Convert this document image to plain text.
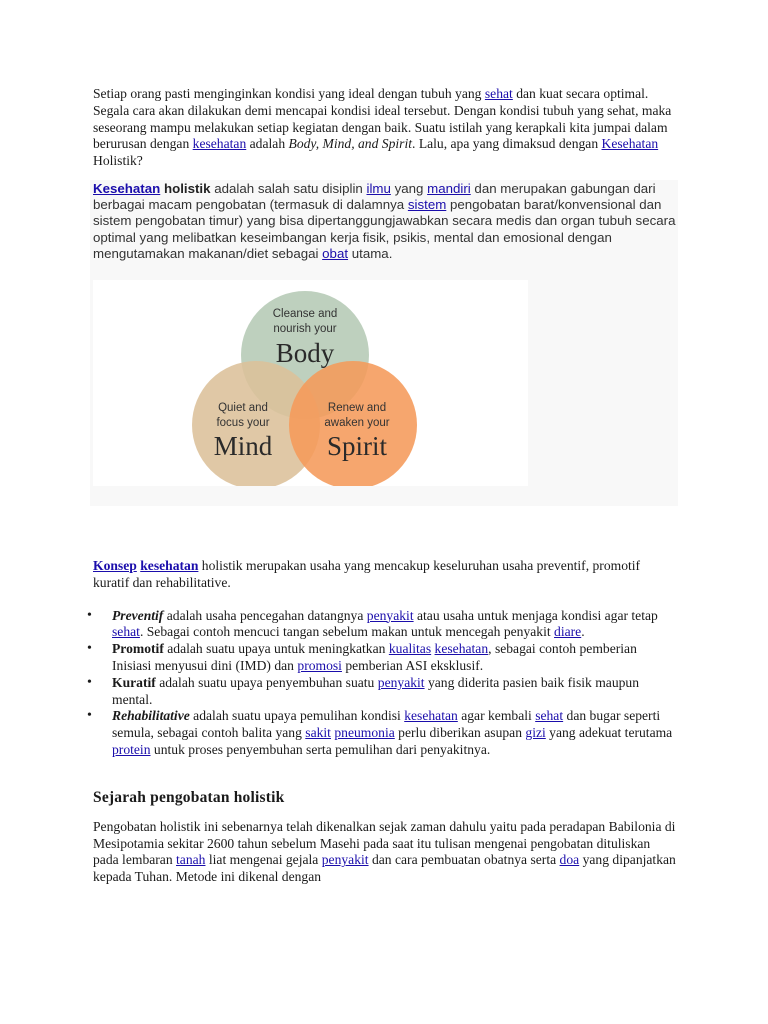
Setiap orang pasti menginginkan kondisi yang ideal dengan tubuh yang sehat dan kuat secara optimal. Segala cara akan dilakukan demi mencapai kondisi ideal tersebut. Dengan kondisi tubuh yang sehat, maka seseorang mampu melakukan setiap kegiatan dengan baik. Suatu istilah yang kerapkali kita jumpai dalam berurusan dengan kesehatan adalah Body, Mind, and Spirit. Lalu, apa yang dimaksud dengan Kesehatan Holistik?

Kesehatan holistik adalah salah satu disiplin ilmu yang mandiri dan merupakan gabungan dari berbagai macam pengobatan (termasuk di dalamnya sistem pengobatan barat/konvensional dan sistem pengobatan timur) yang bisa dipertanggungjawabkan secara medis dan organ tubuh secara optimal yang melibatkan keseimbangan kerja fisik, psikis, mental dan emosional dengan mengutamakan makanan/diet sebagai obat utama.

Cleanse and
nourish your
Body
Quiet and
focus your
Mind
Renew and
awaken your
Spirit

Konsep kesehatan holistik merupakan usaha yang mencakup keseluruhan usaha preventif, promotif kuratif dan rehabilitative.

• Preventif adalah usaha pencegahan datangnya penyakit atau usaha untuk menjaga kondisi agar tetap sehat. Sebagai contoh mencuci tangan sebelum makan untuk mencegah penyakit diare.
• Promotif adalah suatu upaya untuk meningkatkan kualitas kesehatan, sebagai contoh pemberian Inisiasi menyusui dini (IMD) dan promosi pemberian ASI eksklusif.
• Kuratif adalah suatu upaya penyembuhan suatu penyakit yang diderita pasien baik fisik maupun mental.
• Rehabilitative adalah suatu upaya pemulihan kondisi kesehatan agar kembali sehat dan bugar seperti semula, sebagai contoh balita yang sakit pneumonia perlu diberikan asupan gizi yang adekuat terutama protein untuk proses penyembuhan serta pemulihan dari penyakitnya.
Sejarah pengobatan holistik

Pengobatan holistik ini sebenarnya telah dikenalkan sejak zaman dahulu yaitu pada peradapan Babilonia di Mesipotamia sekitar 2600 tahun sebelum Masehi pada saat itu tulisan mengenai pengobatan dituliskan pada lembaran tanah liat mengenai gejala penyakit dan cara pembuatan obatnya serta doa yang dipanjatkan kepada Tuhan. Metode ini dikenal dengan
